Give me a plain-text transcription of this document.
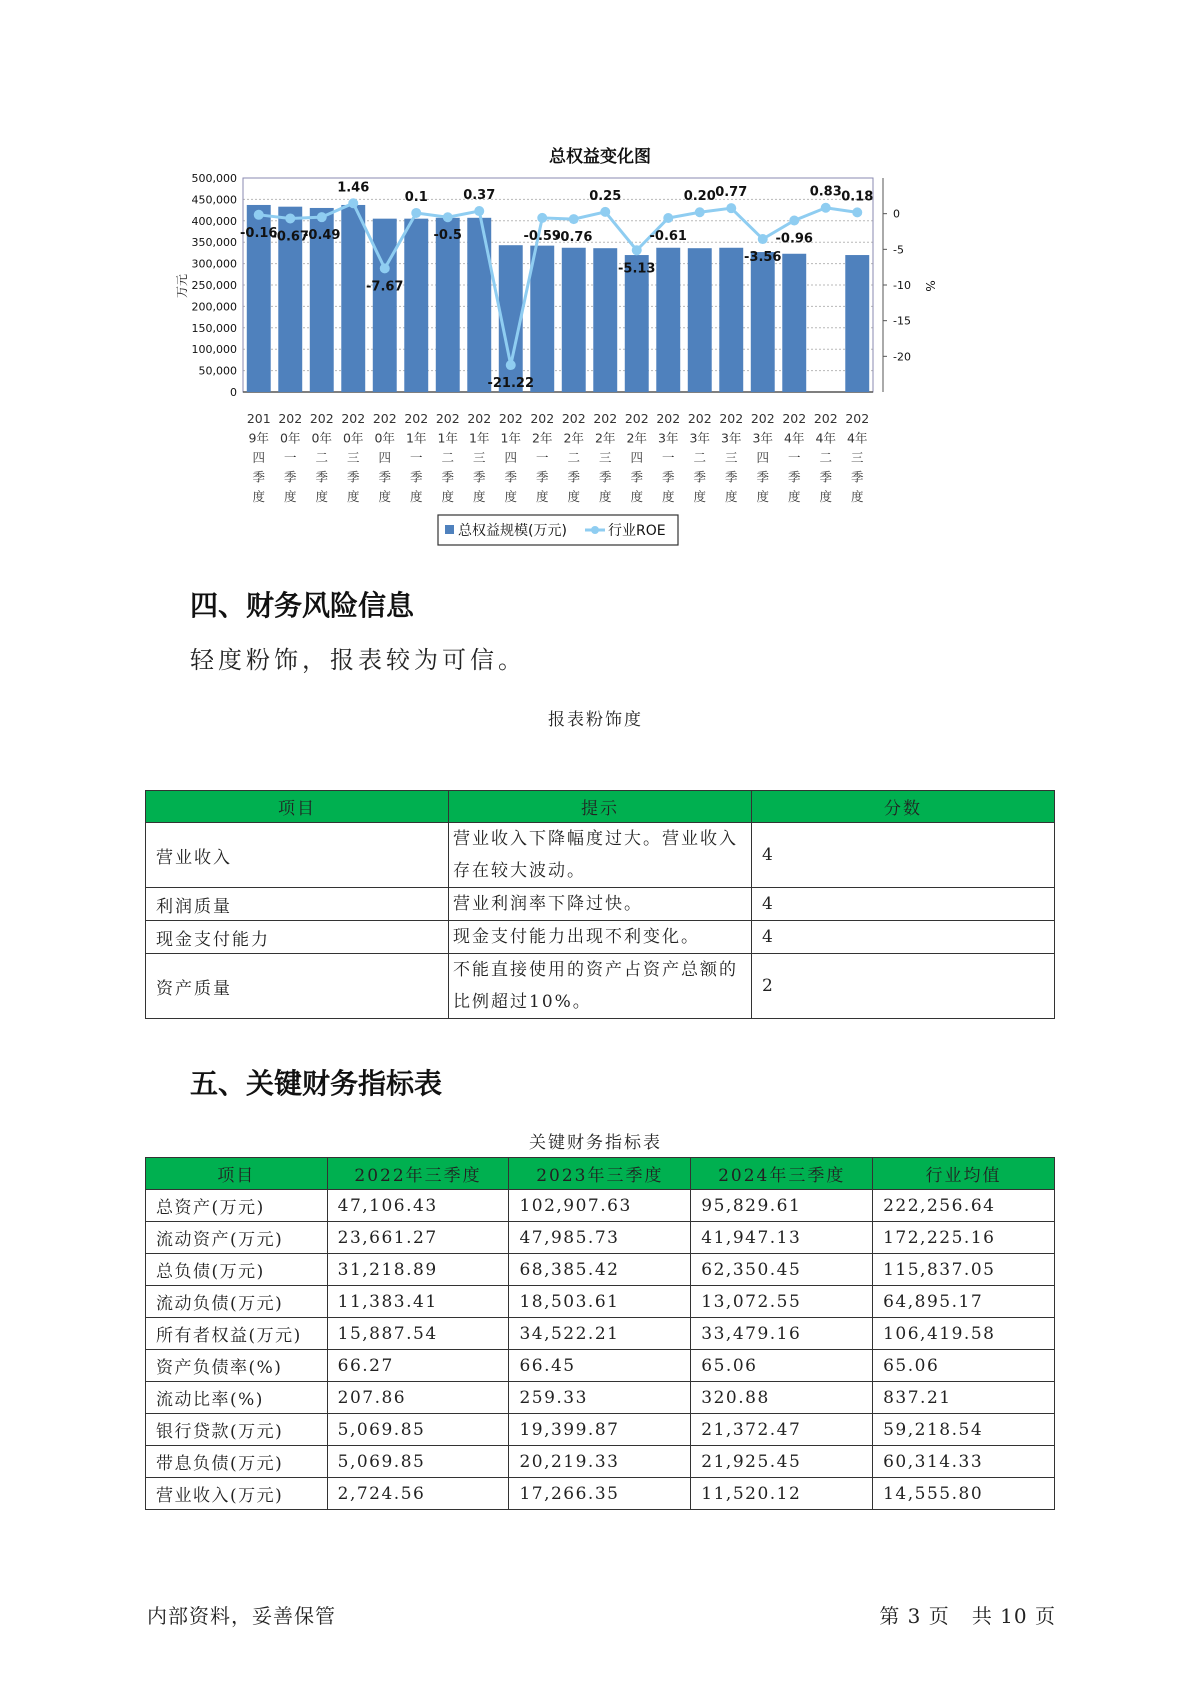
总权益变化图
0
50,000
100,000
150,000
200,000
250,000
300,000
350,000
400,000
450,000
500,000
0
-5
-10
-15
-20
-0.16
-0.67
-0.49
1.46
-7.67
0.1
-0.5
0.37
-21.22
-0.59
-0.76
0.25
-5.13
-0.61
0.20 0.77
-3.56
-0.96
0.83 0.18
201
9年
四
季
度
202
0年
一
季
度
202
0年
二
季
度
202
0年
三
季
度
202
0年
四
季
度
202
1年
一
季
度
202
1年
二
季
度
202
1年
三
季
度
202
1年
四
季
度
202
2年
一
季
度
202
2年
二
季
度
202
2年
三
季
度
202
2年
四
季
度
202
3年
一
季
度
202
3年
二
季
度
202
3年
三
季
度
202
3年
四
季
度
202
4年
一
季
度
202
4年
二
季
度
202
4年
三
季
度
万元	%
总权益规模(万元)	行业ROE
四、财务风险信息
轻度粉饰，报表较为可信。
报表粉饰度
项目	提示	分数
营业收入	营业收入下降幅度过大。营业收入存在较大波动。	4
利润质量	营业利润率下降过快。	4
现金支付能力	现金支付能力出现不利变化。	4
资产质量	不能直接使用的资产占资产总额的比例超过10%。	2
五、关键财务指标表
关键财务指标表
项目	2022年三季度	2023年三季度	2024年三季度	行业均值
总资产(万元)	47,106.43	102,907.63	95,829.61	222,256.64
流动资产(万元)	23,661.27	47,985.73	41,947.13	172,225.16
总负债(万元)	31,218.89	68,385.42	62,350.45	115,837.05
流动负债(万元)	11,383.41	18,503.61	13,072.55	64,895.17
所有者权益(万元)	15,887.54	34,522.21	33,479.16	106,419.58
资产负债率(%)	66.27	66.45	65.06	65.06
流动比率(%)	207.86	259.33	320.88	837.21
银行贷款(万元)	5,069.85	19,399.87	21,372.47	59,218.54
带息负债(万元)	5,069.85	20,219.33	21,925.45	60,314.33
营业收入(万元)	2,724.56	17,266.35	11,520.12	14,555.80
内部资料，妥善保管	第 3 页   共 10 页
